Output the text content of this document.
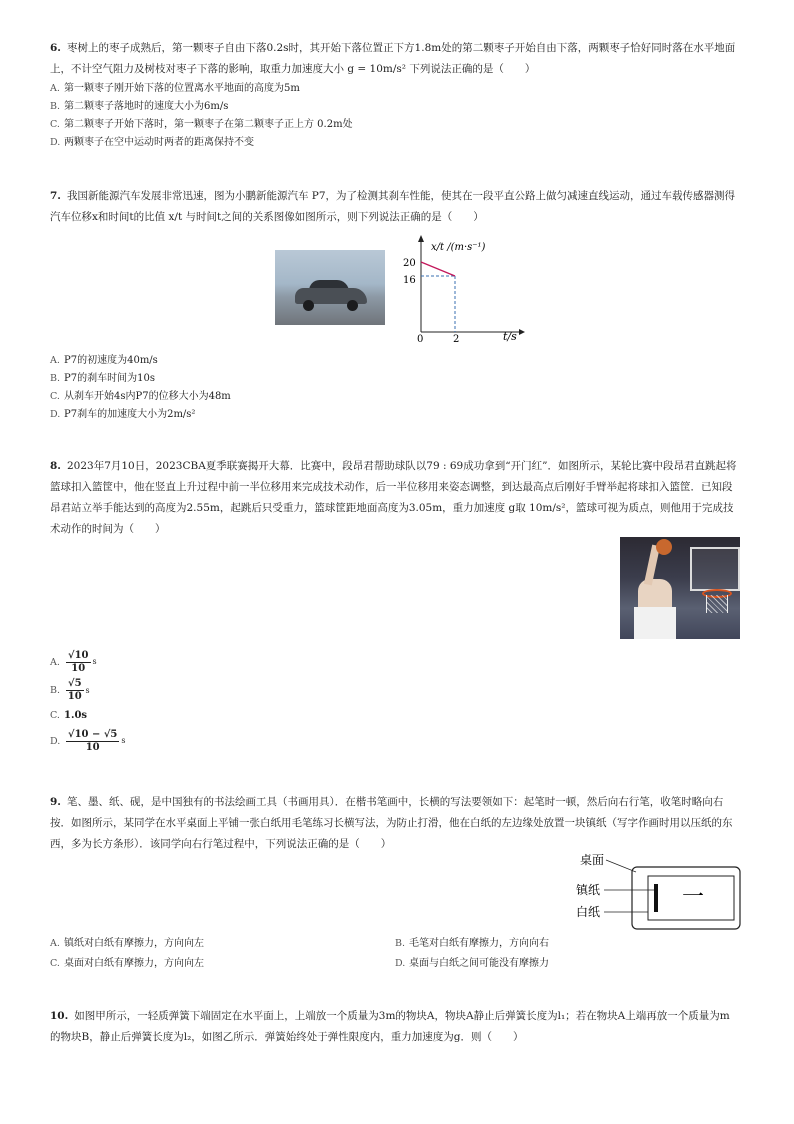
6. 枣树上的枣子成熟后，第一颗枣子自由下落0.2s时，其开始下落位置正下方1.8m处的第二颗枣子开始自由下落，两颗枣子恰好同时落在水平地面上，不计空气阻力及树枝对枣子下落的影响，取重力加速度大小 g = 10m/s² 下列说法正确的是（　　）

A. 第一颗枣子刚开始下落的位置离水平地面的高度为5m

B. 第二颗枣子落地时的速度大小为6m/s

C. 第二颗枣子开始下落时，第一颗枣子在第二颗枣子正上方 0.2m处

D. 两颗枣子在空中运动时两者的距离保持不变

7. 我国新能源汽车发展非常迅速，图为小鹏新能源汽车 P7，为了检测其刹车性能，使其在一段平直公路上做匀减速直线运动，通过车载传感器测得汽车位移x和时间t的比值 x/t 与时间t之间的关系图像如图所示，则下列说法正确的是（　　）

x/t /(m·s⁻¹)
t/s
0
20
16
2

A. P7的初速度为40m/s

B. P7的刹车时间为10s

C. 从刹车开始4s内P7的位移大小为48m

D. P7刹车的加速度大小为2m/s²

8. 2023年7月10日，2023CBA夏季联赛揭开大幕．比赛中，段昂君帮助球队以79 : 69成功拿到“开门红”．如图所示，某轮比赛中段昂君直跳起将篮球扣入篮筐中，他在竖直上升过程中前一半位移用来完成技术动作，后一半位移用来姿态调整，到达最高点后刚好手臂举起将球扣入篮筐．已知段昂君站立举手能达到的高度为2.55m，起跳后只受重力，篮球筐距地面高度为3.05m，重力加速度 g取 10m/s²，篮球可视为质点，则他用于完成技术动作的时间为（　　）

A. $\frac{√10}{10}$ s

B. $\frac{√5}{10}$ s

C. 1.0s

D. $\frac{√10 - √5}{10}$ s

9. 笔、墨、纸、砚，是中国独有的书法绘画工具（书画用具）．在楷书笔画中，长横的写法要领如下：起笔时一顿，然后向右行笔，收笔时略向右按．如图所示，某同学在水平桌面上平铺一张白纸用毛笔练习长横写法，为防止打滑，他在白纸的左边缘处放置一块镇纸（写字作画时用以压纸的东西，多为长方条形）．该同学向右行笔过程中，下列说法正确的是（　　）

一
桌面
镇纸
白纸

A. 镇纸对白纸有摩擦力，方向向左	B. 毛笔对白纸有摩擦力，方向向右

C. 桌面对白纸有摩擦力，方向向左	D. 桌面与白纸之间可能没有摩擦力

10. 如图甲所示，一轻质弹簧下端固定在水平面上，上端放一个质量为3m的物块A，物块A静止后弹簧长度为l₁；若在物块A上端再放一个质量为m的物块B，静止后弹簧长度为l₂，如图乙所示．弹簧始终处于弹性限度内，重力加速度为g．则（　　）
